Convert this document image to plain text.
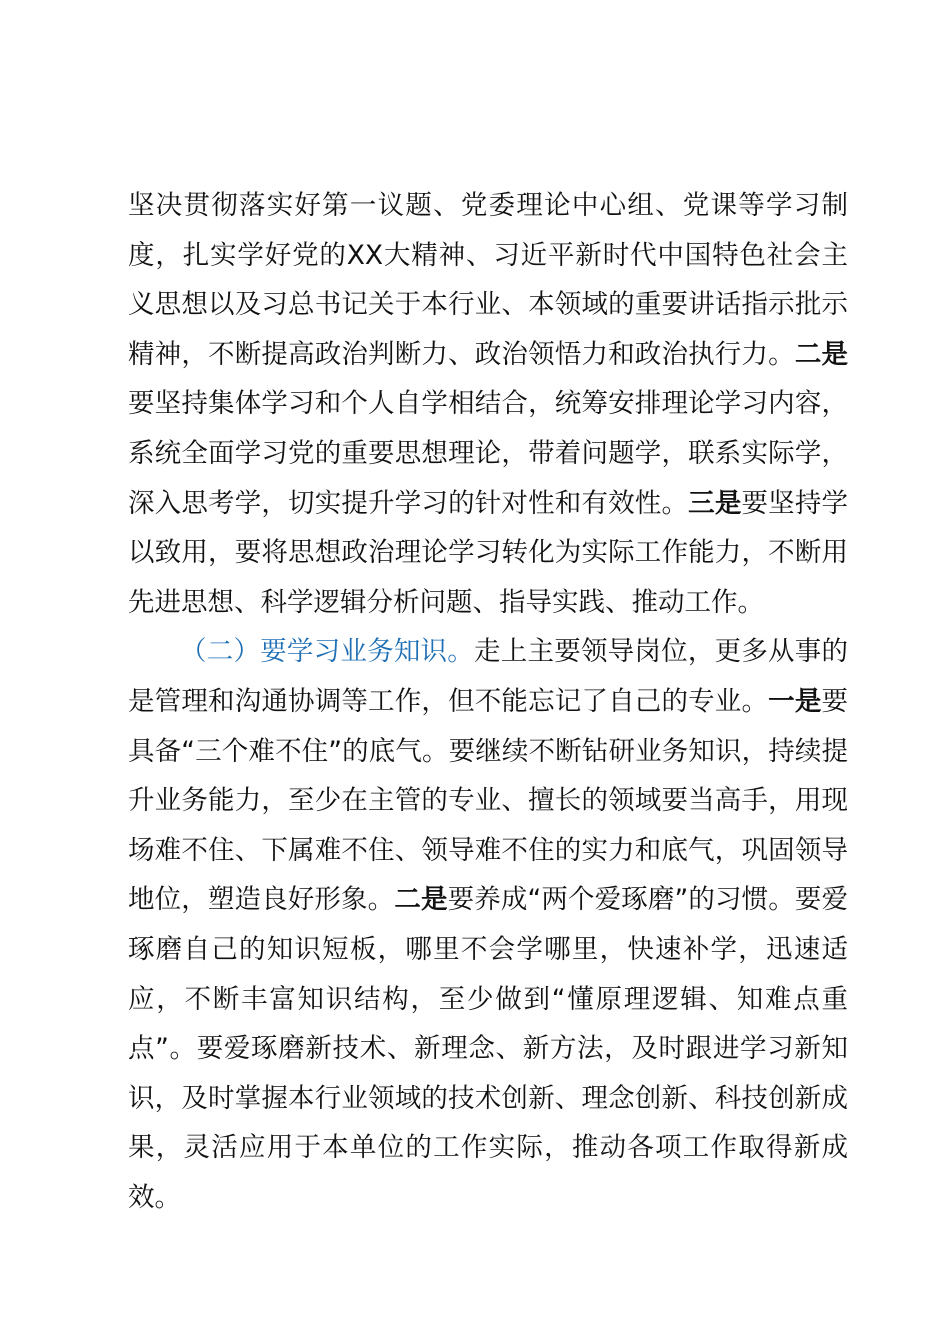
坚决贯彻落实好第一议题、党委理论中心组、党课等学习制度，扎实学好党的XX大精神、习近平新时代中国特色社会主义思想以及习总书记关于本行业、本领域的重要讲话指示批示精神，不断提高政治判断力、政治领悟力和政治执行力。二是要坚持集体学习和个人自学相结合，统筹安排理论学习内容，系统全面学习党的重要思想理论，带着问题学，联系实际学，深入思考学，切实提升学习的针对性和有效性。三是要坚持学以致用，要将思想政治理论学习转化为实际工作能力，不断用先进思想、科学逻辑分析问题、指导实践、推动工作。

（二）要学习业务知识。走上主要领导岗位，更多从事的是管理和沟通协调等工作，但不能忘记了自己的专业。一是要具备“三个难不住”的底气。要继续不断钻研业务知识，持续提升业务能力，至少在主管的专业、擅长的领域要当高手，用现场难不住、下属难不住、领导难不住的实力和底气，巩固领导地位，塑造良好形象。二是要养成“两个爱琢磨”的习惯。要爱琢磨自己的知识短板，哪里不会学哪里，快速补学，迅速适应，不断丰富知识结构，至少做到“懂原理逻辑、知难点重点”。要爱琢磨新技术、新理念、新方法，及时跟进学习新知识，及时掌握本行业领域的技术创新、理念创新、科技创新成果，灵活应用于本单位的工作实际，推动各项工作取得新成效。
